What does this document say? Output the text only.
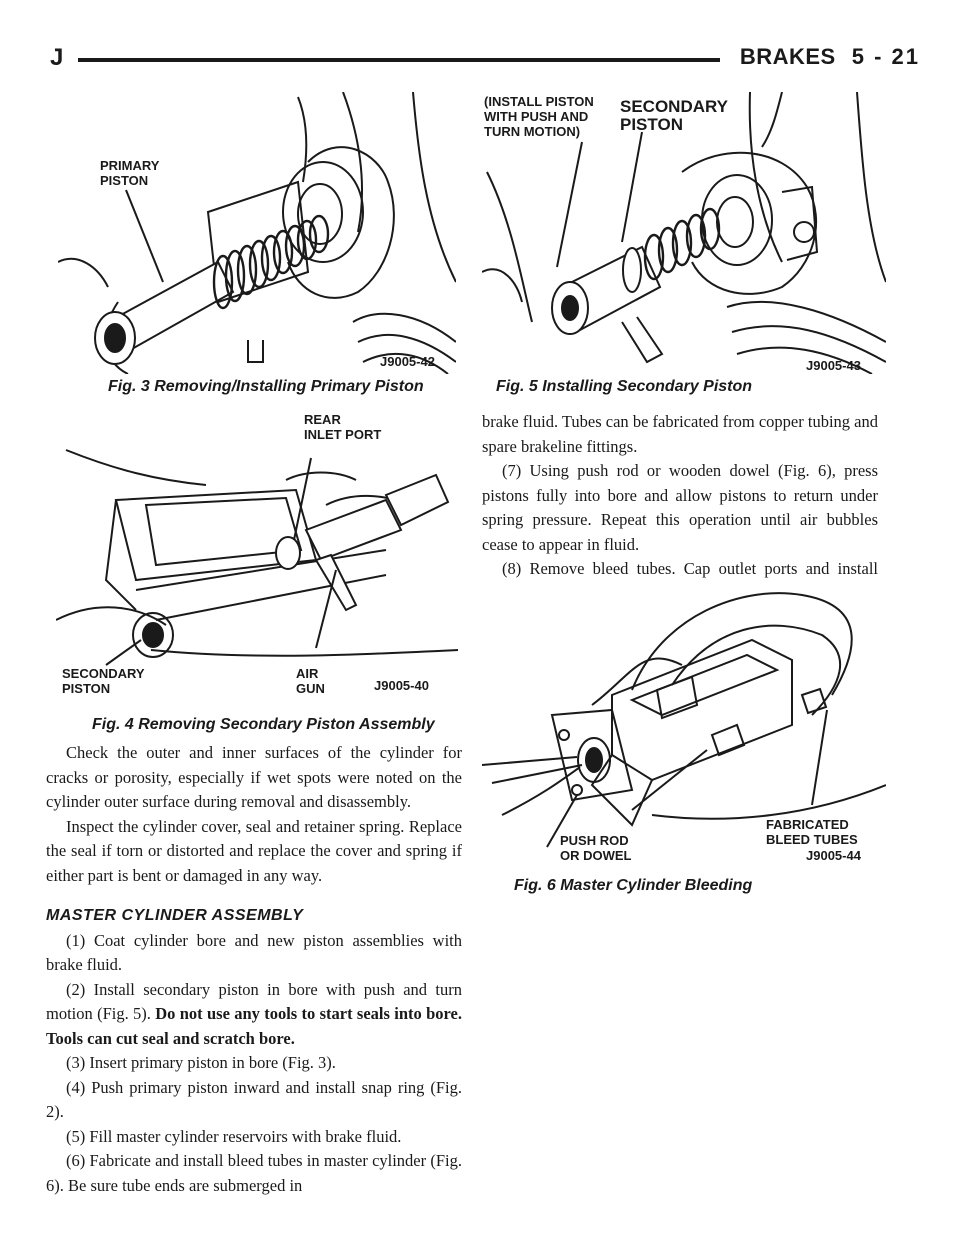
J	BRAKES 5 - 21
PRIMARY
PISTON
J9005-42
Fig. 3 Removing/Installing Primary Piston
REAR
INLET PORT
SECONDARY
PISTON
AIR
GUN	J9005-40
Fig. 4 Removing Secondary Piston Assembly
(INSTALL PISTON
WITH PUSH AND
TURN MOTION)
SECONDARY
PISTON
J9005-43
Fig. 5 Installing Secondary Piston

brake fluid. Tubes can be fabricated from copper tubing and spare brakeline fittings.

(7) Using push rod or wooden dowel (Fig. 6), press pistons fully into bore and allow pistons to return under spring pressure. Repeat this operation until air bubbles cease to appear in fluid.

(8) Remove bleed tubes. Cap outlet ports and install

PUSH ROD
OR DOWEL
FABRICATED
BLEED TUBES
J9005-44
Fig. 6 Master Cylinder Bleeding

Check the outer and inner surfaces of the cylinder for cracks or porosity, especially if wet spots were noted on the cylinder outer surface during removal and disassembly.

Inspect the cylinder cover, seal and retainer spring. Replace the seal if torn or distorted and replace the cover and spring if either part is bent or damaged in any way.

MASTER CYLINDER ASSEMBLY

(1) Coat cylinder bore and new piston assemblies with brake fluid.

(2) Install secondary piston in bore with push and turn motion (Fig. 5). Do not use any tools to start seals into bore. Tools can cut seal and scratch bore.

(3) Insert primary piston in bore (Fig. 3).

(4) Push primary piston inward and install snap ring (Fig. 2).

(5) Fill master cylinder reservoirs with brake fluid.

(6) Fabricate and install bleed tubes in master cylinder (Fig. 6). Be sure tube ends are submerged in
